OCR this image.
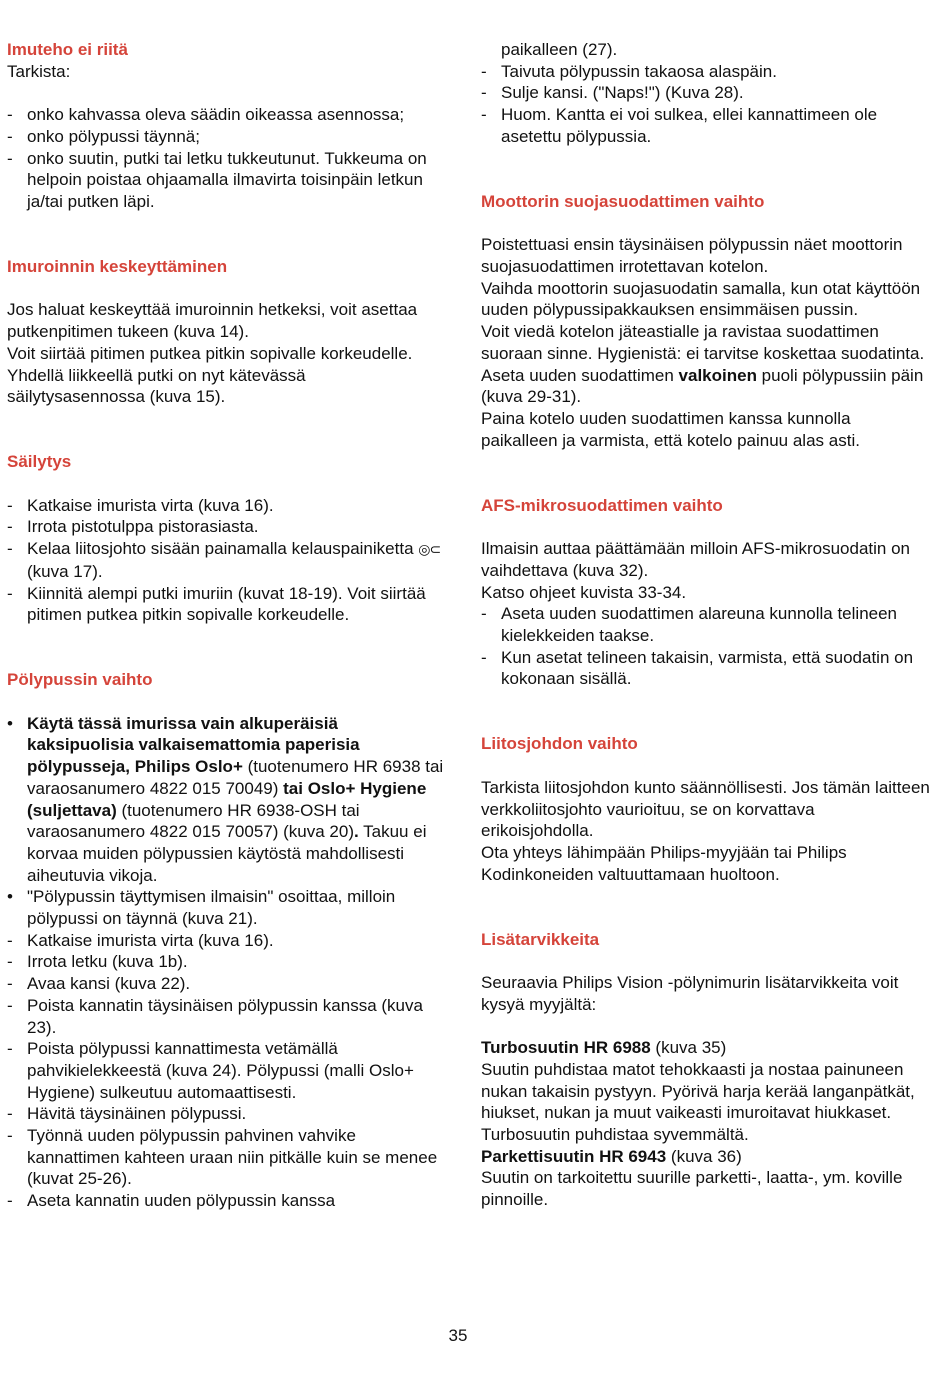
Imuteho ei riitä

Tarkista:

- onko kahvassa oleva säädin oikeassa asennossa;
- onko pölypussi täynnä;
- onko suutin, putki tai letku tukkeutunut. Tukkeuma on helpoin poistaa ohjaamalla ilmavirta toisinpäin letkun ja/tai putken läpi.
Imuroinnin keskeyttäminen

Jos haluat keskeyttää imuroinnin hetkeksi, voit asettaa putkenpitimen tukeen (kuva 14).

Voit siirtää pitimen putkea pitkin sopivalle korkeudelle.

Yhdellä liikkeellä putki on nyt kätevässä säilytysasennossa (kuva 15).

Säilytys
- Katkaise imurista virta (kuva 16).
- Irrota pistotulppa pistorasiasta.
- Kelaa liitosjohto sisään painamalla kelauspainiketta ◎⊂ (kuva 17).
- Kiinnitä alempi putki imuriin (kuvat 18-19). Voit siirtää pitimen putkea pitkin sopivalle korkeudelle.
Pölypussin vaihto
• Käytä tässä imurissa vain alkuperäisiä kaksipuolisia valkaisemattomia paperisia pölypusseja, Philips Oslo+ (tuotenumero HR 6938 tai varaosanumero 4822 015 70049) tai Oslo+ Hygiene (suljettava) (tuotenumero HR 6938-OSH tai varaosanumero 4822 015 70057) (kuva 20). Takuu ei korvaa muiden pölypussien käytöstä mahdollisesti aiheutuvia vikoja.
• "Pölypussin täyttymisen ilmaisin" osoittaa, milloin pölypussi on täynnä (kuva 21).
- Katkaise imurista virta (kuva 16).
- Irrota letku (kuva 1b).
- Avaa kansi (kuva 22).
- Poista kannatin täysinäisen pölypussin kanssa (kuva 23).
- Poista pölypussi kannattimesta vetämällä pahvikielekkeestä (kuva 24). Pölypussi (malli Oslo+ Hygiene) sulkeutuu automaattisesti.
- Hävitä täysinäinen pölypussi.
- Työnnä uuden pölypussin pahvinen vahvike kannattimen kahteen uraan niin pitkälle kuin se menee (kuvat 25-26).
- Aseta kannatin uuden pölypussin kanssa

paikalleen (27).

- Taivuta pölypussin takaosa alaspäin.
- Sulje kansi. ("Naps!") (Kuva 28).
- Huom. Kantta ei voi sulkea, ellei kannattimeen ole asetettu pölypussia.
Moottorin suojasuodattimen vaihto

Poistettuasi ensin täysinäisen pölypussin näet moottorin suojasuodattimen irrotettavan kotelon.

Vaihda moottorin suojasuodatin samalla, kun otat käyttöön uuden pölypussipakkauksen ensimmäisen pussin.

Voit viedä kotelon jäteastialle ja ravistaa suodattimen suoraan sinne. Hygienistä: ei tarvitse koskettaa suodatinta.

Aseta uuden suodattimen valkoinen puoli pölypussiin päin (kuva 29-31).

Paina kotelo uuden suodattimen kanssa kunnolla paikalleen ja varmista, että kotelo painuu alas asti.

AFS-mikrosuodattimen vaihto

Ilmaisin auttaa päättämään milloin AFS-mikrosuodatin on vaihdettava (kuva 32).

Katso ohjeet kuvista 33-34.

- Aseta uuden suodattimen alareuna kunnolla telineen kielekkeiden taakse.
- Kun asetat telineen takaisin, varmista, että suodatin on kokonaan sisällä.
Liitosjohdon vaihto

Tarkista liitosjohdon kunto säännöllisesti. Jos tämän laitteen verkkoliitosjohto vaurioituu, se on korvattava erikoisjohdolla.

Ota yhteys lähimpään Philips-myyjään tai Philips Kodinkoneiden valtuuttamaan huoltoon.

Lisätarvikkeita

Seuraavia Philips Vision -pölynimurin lisätarvikkeita voit kysyä myyjältä:

Turbosuutin HR 6988 (kuva 35)

Suutin puhdistaa matot tehokkaasti ja nostaa painuneen nukan takaisin pystyyn. Pyörivä harja kerää langanpätkät, hiukset, nukan ja muut vaikeasti imuroitavat hiukkaset.

Turbosuutin puhdistaa syvemmältä.

Parkettisuutin HR 6943 (kuva 36)

Suutin on tarkoitettu suurille parketti-, laatta-, ym. koville pinnoille.

35
